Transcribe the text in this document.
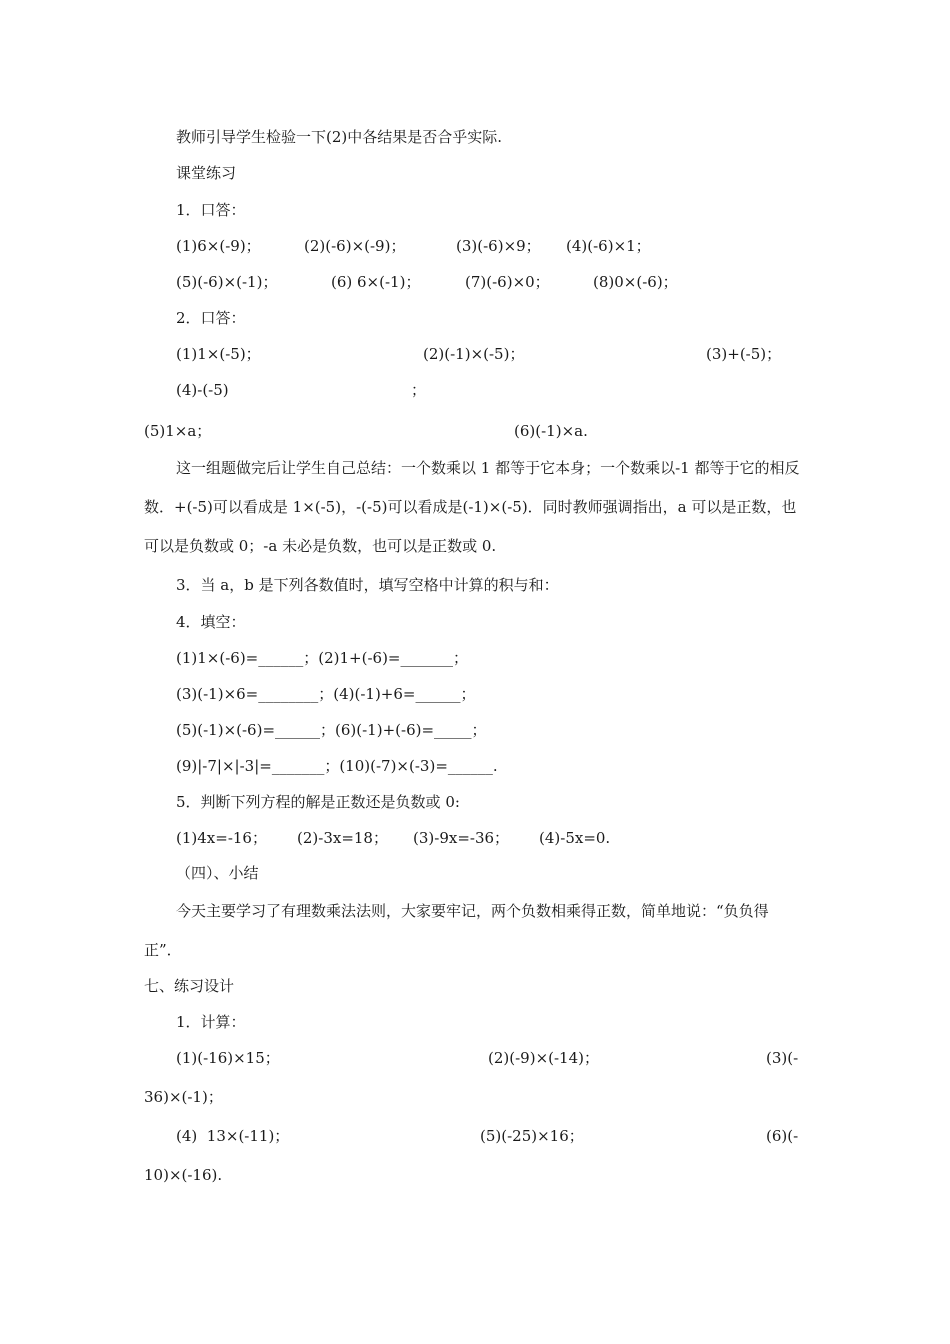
教师引导学生检验一下(2)中各结果是否合乎实际.
课堂练习
1．口答：
(1)6×(-9)；	(2)(-6)×(-9)；	(3)(-6)×9； (4)(-6)×1；
(5)(-6)×(-1)；	(6) 6×(-1)；	(7)(-6)×0；	(8)0×(-6)；
2．口答：
(1)1×(-5)；	(2)(-1)×(-5)；	(3)+(-5)；
(4)-(-5)	；
(5)1×a；	(6)(-1)×a.
这一组题做完后让学生自己总结：一个数乘以 1 都等于它本身；一个数乘以-1 都等于它的相反数．+(-5)可以看成是 1×(-5)，-(-5)可以看成是(-1)×(-5)．同时教师强调指出，a 可以是正数，也可以是负数或 0；-a 未必是负数，也可以是正数或 0.
3．当 a，b 是下列各数值时，填写空格中计算的积与和：
4．填空：
(1)1×(-6)=______；(2)1+(-6)=_______；
(3)(-1)×6=________；(4)(-1)+6=______；
(5)(-1)×(-6)=______；(6)(-1)+(-6)=_____；
(9)|-7|×|-3|=_______；(10)(-7)×(-3)=______.
5．判断下列方程的解是正数还是负数或 0:
(1)4x=-16； (2)-3x=18； (3)-9x=-36； (4)-5x=0.
（四）、小结
今天主要学习了有理数乘法法则，大家要牢记，两个负数相乘得正数，简单地说：“负负得正”．
七、练习设计
1．计算：
(1)(-16)×15；	(2)(-9)×(-14)；	(3)(-
36)×(-1)；
(4)  13×(-11)；	(5)(-25)×16；	(6)(-
10)×(-16).
